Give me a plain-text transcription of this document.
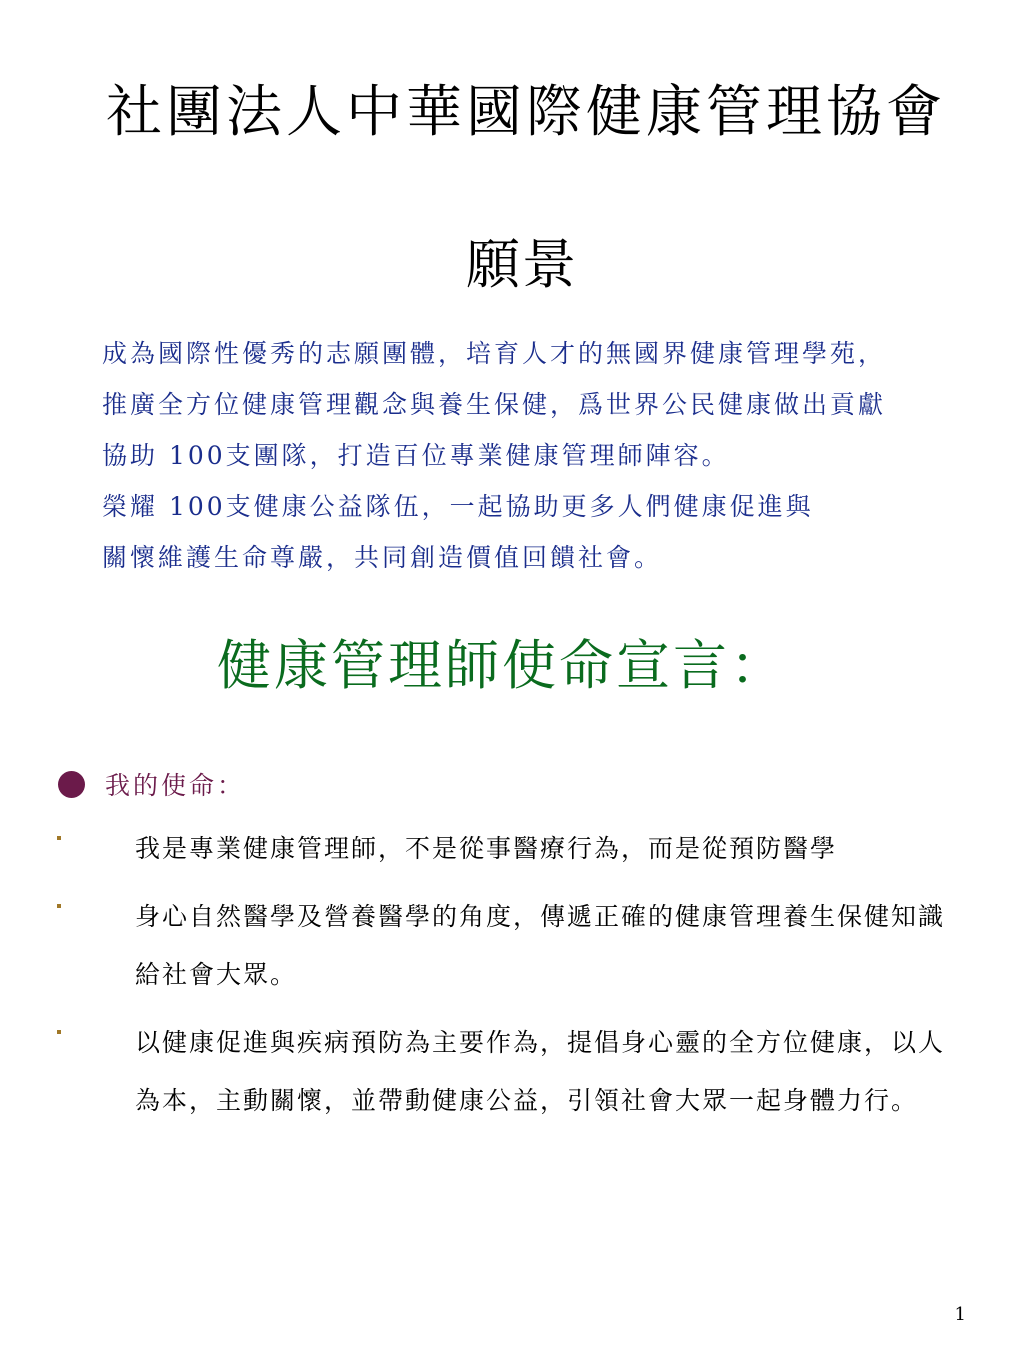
社團法人中華國際健康管理協會
願景
成為國際性優秀的志願團體，培育人才的無國界健康管理學苑，
推廣全方位健康管理觀念與養生保健，爲世界公民健康做出貢獻
協助 100支團隊，打造百位專業健康管理師陣容。
榮耀 100支健康公益隊伍，一起協助更多人們健康促進與
關懷維護生命尊嚴，共同創造價值回饋社會。
健康管理師使命宣言：
我的使命：
我是專業健康管理師，不是從事醫療行為，而是從預防醫學
身心自然醫學及營養醫學的角度，傳遞正確的健康管理養生保健知識給社會大眾。
以健康促進與疾病預防為主要作為，提倡身心靈的全方位健康，以人為本，主動關懷，並帶動健康公益，引領社會大眾一起身體力行。
1
